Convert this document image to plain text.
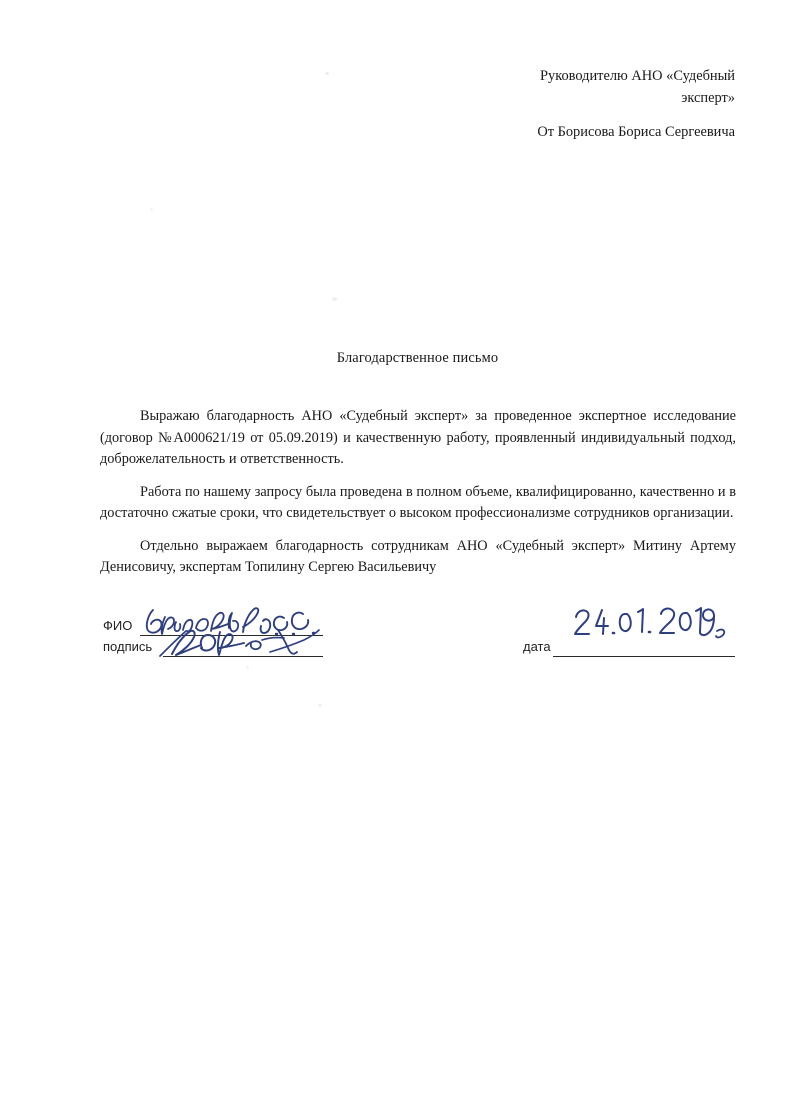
Руководителю АНО «Судебный
эксперт»
От Борисова Бориса Сергеевича
Благодарственное письмо

Выражаю благодарность АНО «Судебный эксперт» за проведенное экспертное исследование (договор №А000621/19 от 05.09.2019) и качественную работу, проявленный индивидуальный подход, доброжелательность и ответственность.

Работа по нашему запросу была проведена в полном объеме, квалифицированно, качественно и в достаточно сжатые сроки, что свидетельствует о высоком профессионализме сотрудников организации.

Отдельно выражаем благодарность сотрудникам АНО «Судебный эксперт» Митину Артему Денисовичу, экспертам Топилину Сергею Васильевичу

ФИО
подпись	дата
